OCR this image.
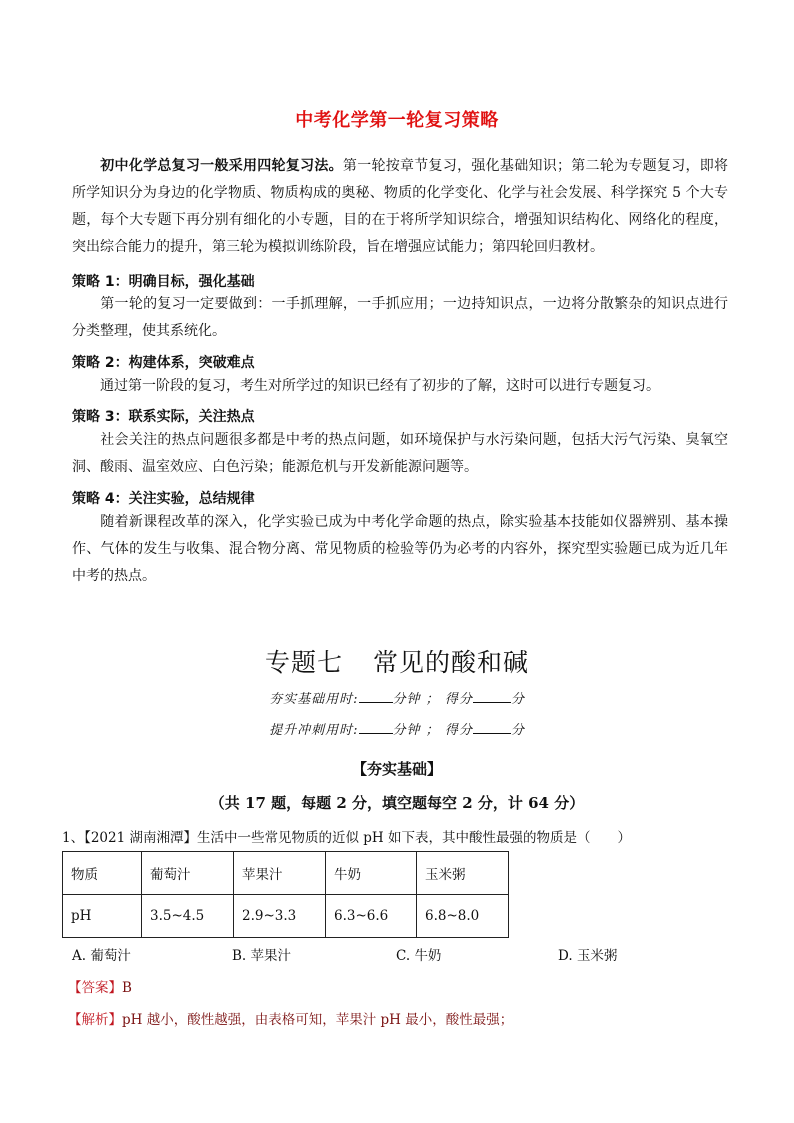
中考化学第一轮复习策略
初中化学总复习一般采用四轮复习法。第一轮按章节复习，强化基础知识；第二轮为专题复习，即将所学知识分为身边的化学物质、物质构成的奥秘、物质的化学变化、化学与社会发展、科学探究 5 个大专题，每个大专题下再分别有细化的小专题，目的在于将所学知识综合，增强知识结构化、网络化的程度，突出综合能力的提升，第三轮为模拟训练阶段，旨在增强应试能力；第四轮回归教材。
策略 1：明确目标，强化基础
第一轮的复习一定要做到：一手抓理解，一手抓应用；一边持知识点，一边将分散繁杂的知识点进行分类整理，使其系统化。
策略 2：构建体系，突破难点
通过第一阶段的复习，考生对所学过的知识已经有了初步的了解，这时可以进行专题复习。
策略 3：联系实际，关注热点
社会关注的热点问题很多都是中考的热点问题，如环境保护与水污染问题，包括大污气污染、臭氧空洞、酸雨、温室效应、白色污染；能源危机与开发新能源问题等。
策略 4：关注实验，总结规律
随着新课程改革的深入，化学实验已成为中考化学命题的热点，除实验基本技能如仪器辨别、基本操作、气体的发生与收集、混合物分离、常见物质的检验等仍为必考的内容外，探究型实验题已成为近几年中考的热点。
专题七 常见的酸和碱
夯实基础用时:	分钟 ； 得分	分
提升冲刺用时:	分钟 ； 得分	分
【夯实基础】
（共 17 题，每题 2 分，填空题每空 2 分，计 64 分）
1、【2021 湖南湘潭】生活中一些常见物质的近似 pH 如下表，其中酸性最强的物质是（　　）
物质	葡萄汁	苹果汁	牛奶	玉米粥
pH	3.5~4.5	2.9~3.3	6.3~6.6	6.8~8.0
A. 葡萄汁	B. 苹果汁	C. 牛奶	D. 玉米粥
【答案】B
【解析】pH 越小，酸性越强，由表格可知，苹果汁 pH 最小，酸性最强；
